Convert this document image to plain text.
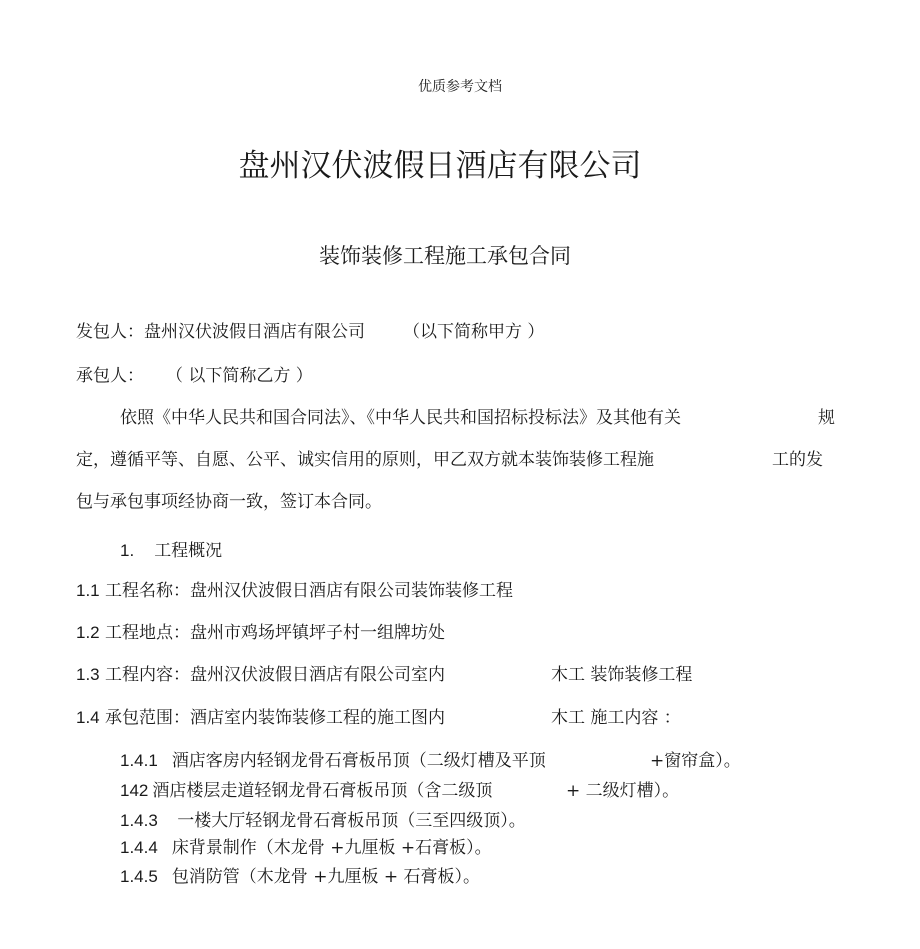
优质参考文档
盘州汉伏波假日酒店有限公司
装饰装修工程施工承包合同
发包人：盘州汉伏波假日酒店有限公司 （以下简称甲方 ）
承包人： （ 以下简称乙方 ）
依照《中华人民共和国合同法》、《中华人民共和国招标投标法》及其他有关	规
定，遵循平等、自愿、公平、诚实信用的原则，甲乙双方就本装饰装修工程施	工的发
包与承包事项经协商一致，签订本合同。
1. 工程概况
1.1 工程名称：盘州汉伏波假日酒店有限公司装饰装修工程
1.2 工程地点：盘州市鸡场坪镇坪子村一组牌坊处
1.3 工程内容：盘州汉伏波假日酒店有限公司室内	木工 装饰装修工程
1.4 承包范围：酒店室内装饰装修工程的施工图内	木工 施工内容 ：
1.4.1 酒店客房内轻钢龙骨石膏板吊顶（二级灯槽及平顶	+窗帘盒）。
142 酒店楼层走道轻钢龙骨石膏板吊顶（含二级顶	+ 二级灯槽）。
1.4.3 一楼大厅轻钢龙骨石膏板吊顶（三至四级顶）。
1.4.4 床背景制作（木龙骨 +九厘板 +石膏板）。
1.4.5 包消防管（木龙骨 +九厘板 + 石膏板）。
